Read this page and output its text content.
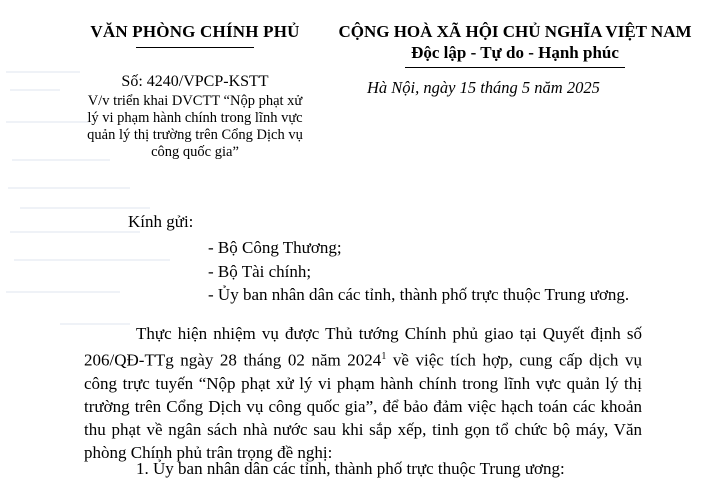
VĂN PHÒNG CHÍNH PHỦ
Số: 4240/VPCP-KSTT
V/v triển khai DVCTT “Nộp phạt xử
lý vi phạm hành chính trong lĩnh vực
quản lý thị trường trên Cổng Dịch vụ
công quốc gia”
CỘNG HOÀ XÃ HỘI CHỦ NGHĨA VIỆT NAM
Độc lập - Tự do - Hạnh phúc
Hà Nội, ngày 15 tháng 5 năm 2025
Kính gửi:
- Bộ Công Thương;
- Bộ Tài chính;
- Ủy ban nhân dân các tỉnh, thành phố trực thuộc Trung ương.
Thực hiện nhiệm vụ được Thủ tướng Chính phủ giao tại Quyết định số 206/QĐ-TTg ngày 28 tháng 02 năm 2024$^1$ về việc tích hợp, cung cấp dịch vụ công trực tuyến “Nộp phạt xử lý vi phạm hành chính trong lĩnh vực quản lý thị trường trên Cổng Dịch vụ công quốc gia”, để bảo đảm việc hạch toán các khoản thu phạt về ngân sách nhà nước sau khi sắp xếp, tinh gọn tổ chức bộ máy, Văn phòng Chính phủ trân trọng đề nghị:
1. Ủy ban nhân dân các tỉnh, thành phố trực thuộc Trung ương:
